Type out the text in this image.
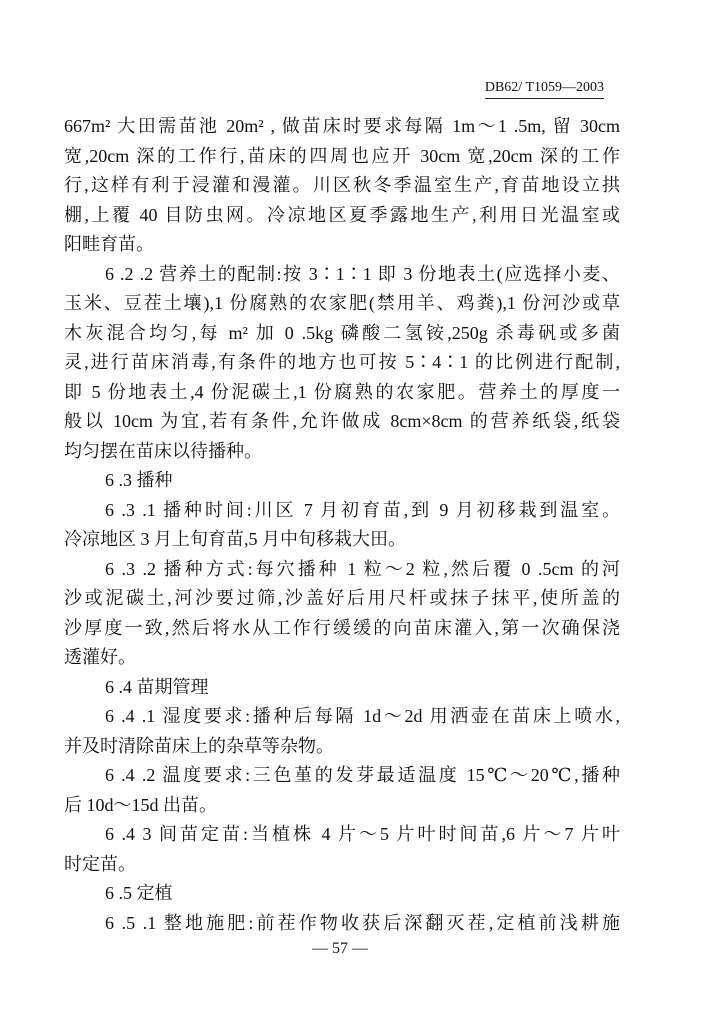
DB62/ T1059—2003
667m² 大田需苗池 20m² , 做苗床时要求每隔 1m～1 .5m, 留 30cm
宽,20cm 深的工作行,苗床的四周也应开 30cm 宽,20cm 深的工作
行,这样有利于浸灌和漫灌。川区秋冬季温室生产,育苗地设立拱
棚,上覆 40 目防虫网。冷凉地区夏季露地生产,利用日光温室或
阳畦育苗。
6 .2 .2 营养土的配制:按 3∶1∶1 即 3 份地表土(应选择小麦、
玉米、豆茬土壤),1 份腐熟的农家肥(禁用羊、鸡粪),1 份河沙或草
木灰混合均匀,每 m² 加 0 .5kg 磷酸二氢铵,250g 杀毒矾或多菌
灵,进行苗床消毒,有条件的地方也可按 5∶4∶1 的比例进行配制,
即 5 份地表土,4 份泥碳土,1 份腐熟的农家肥。营养土的厚度一
般以 10cm 为宜,若有条件,允许做成 8cm×8cm 的营养纸袋,纸袋
均匀摆在苗床以待播种。
6 .3 播种
6 .3 .1 播种时间:川区 7 月初育苗,到 9 月初移栽到温室。
冷凉地区 3 月上旬育苗,5 月中旬移栽大田。
6 .3 .2 播种方式:每穴播种 1 粒～2 粒,然后覆 0 .5cm 的河
沙或泥碳土,河沙要过筛,沙盖好后用尺杆或抹子抹平,使所盖的
沙厚度一致,然后将水从工作行缓缓的向苗床灌入,第一次确保浇
透灌好。
6 .4 苗期管理
6 .4 .1 湿度要求:播种后每隔 1d～2d 用洒壶在苗床上喷水,
并及时清除苗床上的杂草等杂物。
6 .4 .2 温度要求:三色堇的发芽最适温度 15℃～20℃,播种
后 10d～15d 出苗。
6 .4 3 间苗定苗:当植株 4 片～5 片叶时间苗,6 片～7 片叶
时定苗。
6 .5 定植
6 .5 .1 整地施肥:前茬作物收获后深翻灭茬,定植前浅耕施
— 57 —
